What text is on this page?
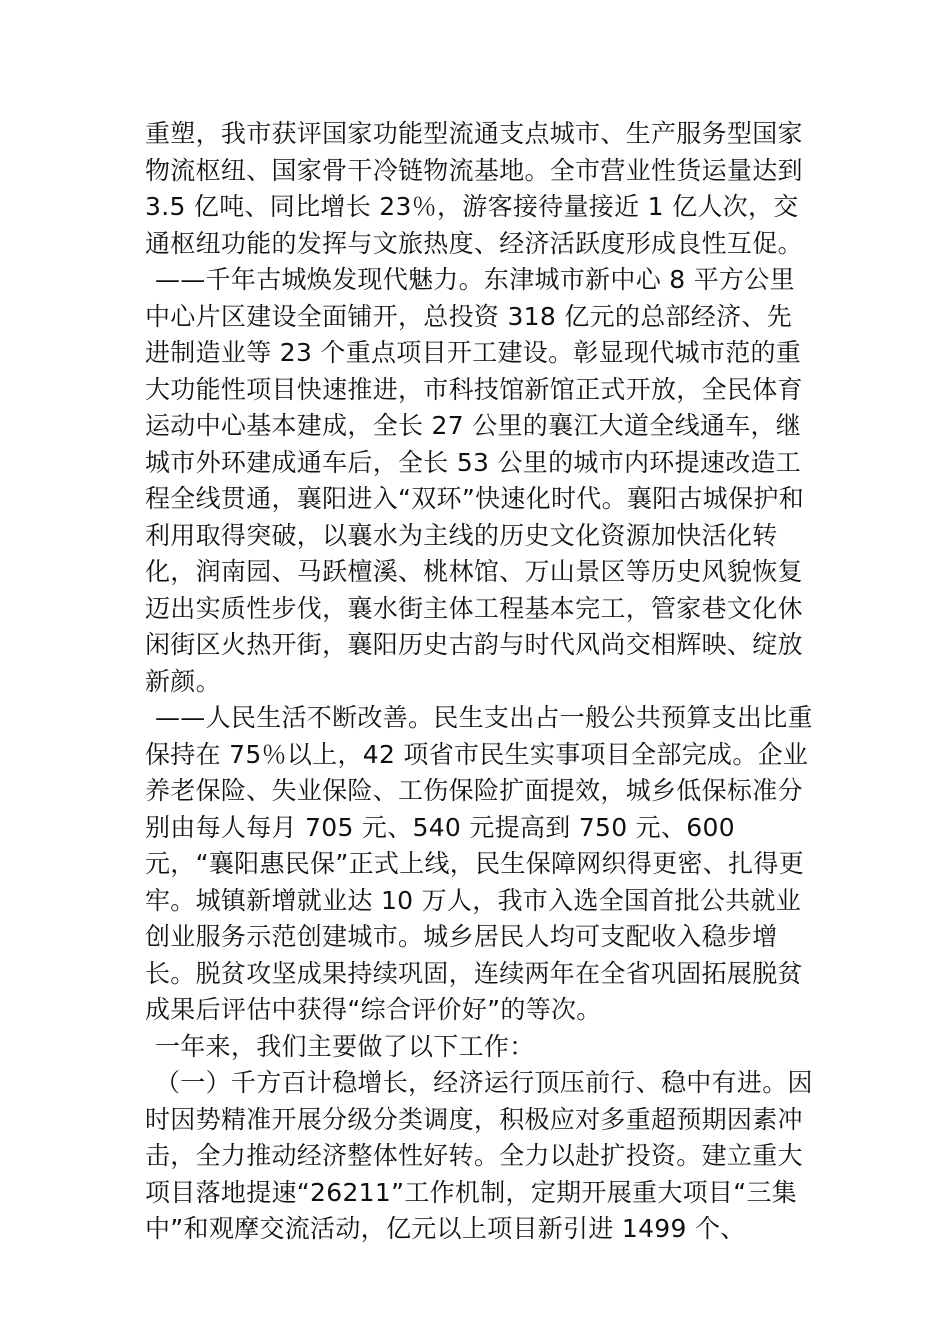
重塑，我市获评国家功能型流通支点城市、生产服务型国家物流枢纽、国家骨干冷链物流基地。全市营业性货运量达到 3.5 亿吨、同比增长 23％，游客接待量接近 1 亿人次，交通枢纽功能的发挥与文旅热度、经济活跃度形成良性互促。

——千年古城焕发现代魅力。东津城市新中心 8 平方公里中心片区建设全面铺开，总投资 318 亿元的总部经济、先进制造业等 23 个重点项目开工建设。彰显现代城市范的重大功能性项目快速推进，市科技馆新馆正式开放，全民体育运动中心基本建成，全长 27 公里的襄江大道全线通车，继城市外环建成通车后，全长 53 公里的城市内环提速改造工程全线贯通，襄阳进入“双环”快速化时代。襄阳古城保护和利用取得突破，以襄水为主线的历史文化资源加快活化转化，润南园、马跃檀溪、桃林馆、万山景区等历史风貌恢复迈出实质性步伐，襄水街主体工程基本完工，管家巷文化休闲街区火热开街，襄阳历史古韵与时代风尚交相辉映、绽放新颜。

——人民生活不断改善。民生支出占一般公共预算支出比重保持在 75％以上，42 项省市民生实事项目全部完成。企业养老保险、失业保险、工伤保险扩面提效，城乡低保标准分别由每人每月 705 元、540 元提高到 750 元、600 元，“襄阳惠民保”正式上线，民生保障网织得更密、扎得更牢。城镇新增就业达 10 万人，我市入选全国首批公共就业创业服务示范创建城市。城乡居民人均可支配收入稳步增长。脱贫攻坚成果持续巩固，连续两年在全省巩固拓展脱贫成果后评估中获得“综合评价好”的等次。

一年来，我们主要做了以下工作：

（一）千方百计稳增长，经济运行顶压前行、稳中有进。因时因势精准开展分级分类调度，积极应对多重超预期因素冲击，全力推动经济整体性好转。全力以赴扩投资。建立重大项目落地提速“26211”工作机制，定期开展重大项目“三集中”和观摩交流活动，亿元以上项目新引进 1499 个、
